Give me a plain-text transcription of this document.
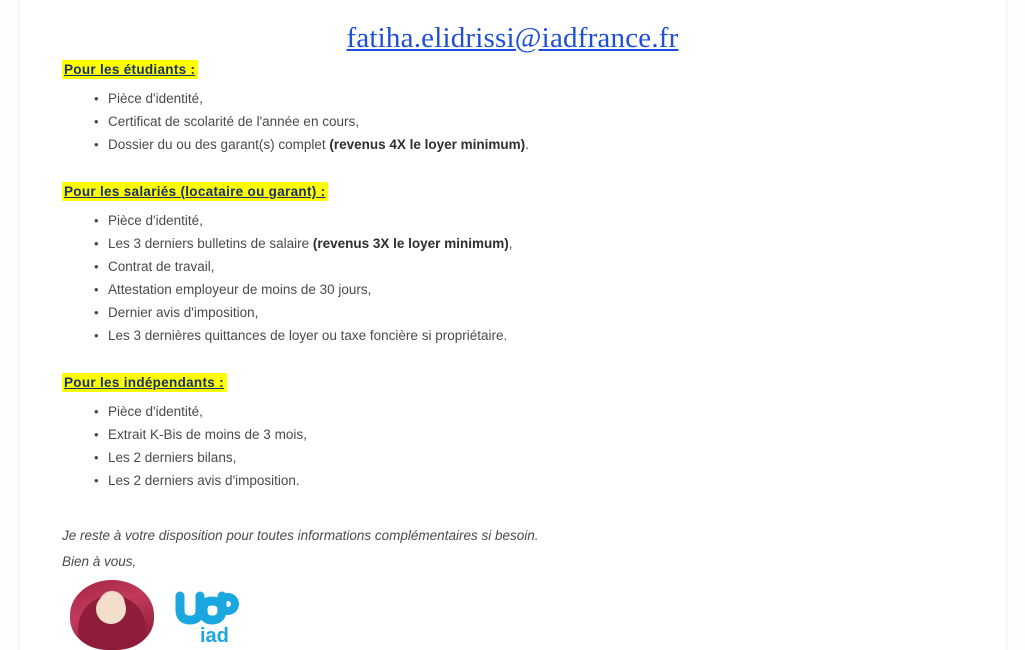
fatiha.elidrissi@iadfrance.fr
Pour les étudiants :
• Pièce d'identité,
• Certificat de scolarité de l'année en cours,
• Dossier du ou des garant(s) complet (revenus 4X le loyer minimum).
Pour les salariés (locataire ou garant) :
• Pièce d'identité,
• Les 3 derniers bulletins de salaire (revenus 3X le loyer minimum),
• Contrat de travail,
• Attestation employeur de moins de 30 jours,
• Dernier avis d'imposition,
• Les 3 dernières quittances de loyer ou taxe foncière si propriétaire.
Pour les indépendants :
• Pièce d'identité,
• Extrait K-Bis de moins de 3 mois,
• Les 2 derniers bilans,
• Les 2 derniers avis d'imposition.

Je reste à votre disposition pour toutes informations complémentaires si besoin.

Bien à vous,

iad
